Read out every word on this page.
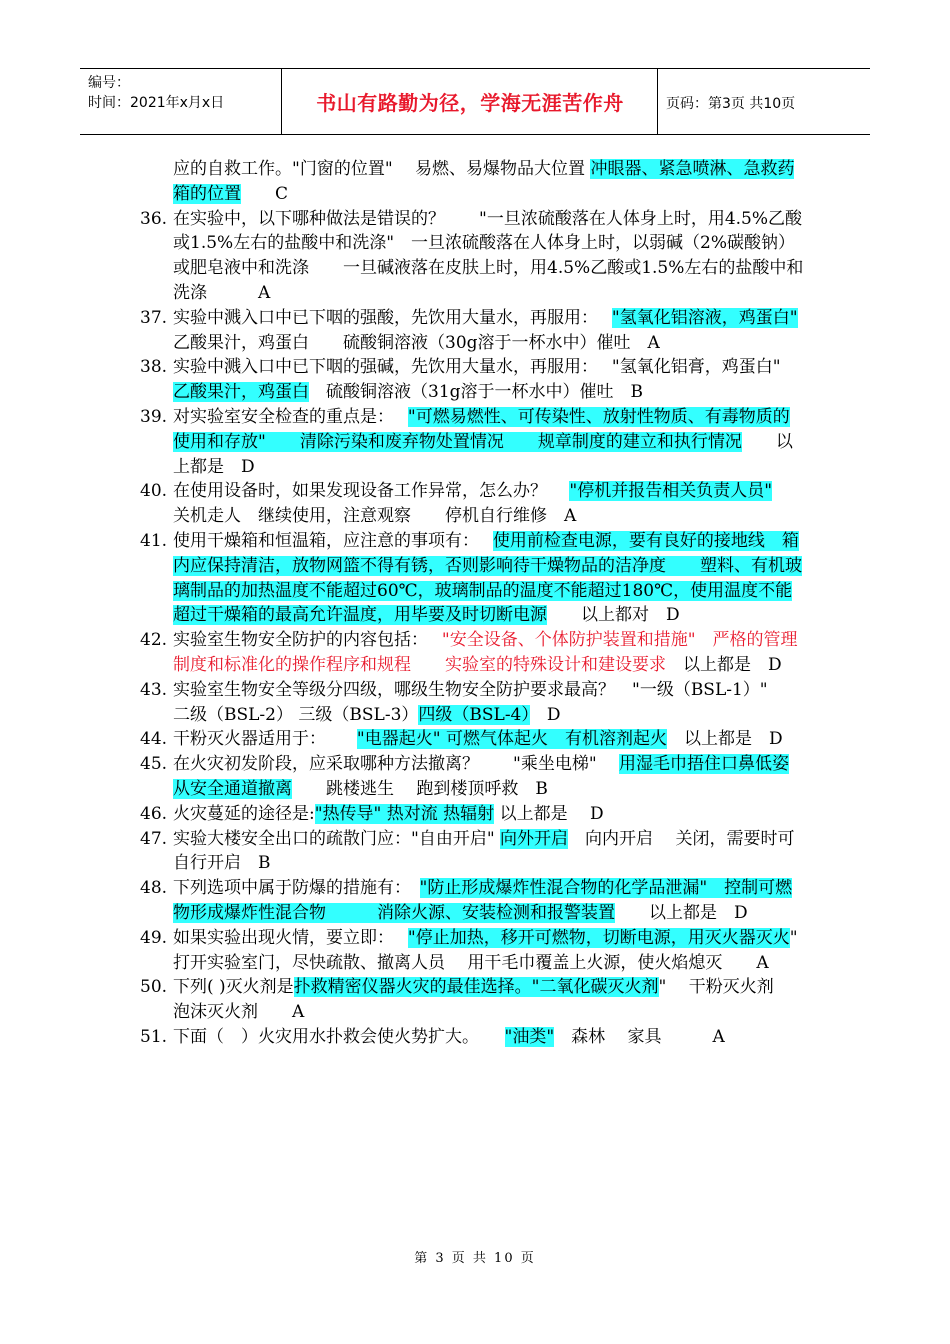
编号：
时间：2021年x月x日	书山有路勤为径，学海无涯苦作舟	页码：第3页 共10页
应的自救工作。"门窗的位置"　 易燃、易爆物品大位置 冲眼器、紧急喷淋、急救药箱的位置　　C
36. 在实验中，以下哪种做法是错误的？　　"一旦浓硫酸落在人体身上时，用4.5%乙酸或1.5%左右的盐酸中和洗涤"　一旦浓硫酸落在人体身上时，以弱碱（2%碳酸钠）或肥皂液中和洗涤　　一旦碱液落在皮肤上时，用4.5%乙酸或1.5%左右的盐酸中和洗涤　　　A
37. 实验中溅入口中已下咽的强酸，先饮用大量水，再服用：　 "氢氧化铝溶液，鸡蛋白"　 乙酸果汁，鸡蛋白　　硫酸铜溶液（30g溶于一杯水中）催吐　A
38. 实验中溅入口中已下咽的强碱，先饮用大量水，再服用：　 "氢氧化铝膏，鸡蛋白"　 乙酸果汁，鸡蛋白　硫酸铜溶液（31g溶于一杯水中）催吐　B
39. 对实验室安全检查的重点是：　 "可燃易燃性、可传染性、放射性物质、有毒物质的使用和存放"　　清除污染和废弃物处置情况　　规章制度的建立和执行情况　　以上都是　D
40. 在使用设备时，如果发现设备工作异常，怎么办？　 "停机并报告相关负责人员"　关机走人　继续使用，注意观察　　停机自行维修　A
41. 使用干燥箱和恒温箱，应注意的事项有：　 使用前检查电源，要有良好的接地线　箱内应保持清洁，放物网篮不得有锈，否则影响待干燥物品的洁净度　　塑料、有机玻璃制品的加热温度不能超过60℃，玻璃制品的温度不能超过180℃，使用温度不能超过干燥箱的最高允许温度，用毕要及时切断电源　　以上都对　D
42. 实验室生物安全防护的内容包括：　 "安全设备、个体防护装置和措施"　严格的管理制度和标准化的操作程序和规程　　实验室的特殊设计和建设要求　以上都是　D
43. 实验室生物安全等级分四级，哪级生物安全防护要求最高？　"一级（BSL-1）"　 二级（BSL-2） 三级（BSL-3）四级（BSL-4）　D
44. 干粉灭火器适用于：　　 "电器起火" 可燃气体起火　有机溶剂起火　以上都是　D
45. 在火灾初发阶段，应采取哪种方法撤离？　　"乘坐电梯"　 用湿毛巾捂住口鼻低姿从安全通道撤离　　跳楼逃生　 跑到楼顶呼救　B
46. 火灾蔓延的途径是:"热传导" 热对流 热辐射 以上都是　 D
47. 实验大楼安全出口的疏散门应："自由开启" 向外开启　向内开启　 关闭，需要时可自行开启　B
48. 下列选项中属于防爆的措施有：　"防止形成爆炸性混合物的化学品泄漏"　控制可燃物形成爆炸性混合物　　　消除火源、安装检测和报警装置　　以上都是　D
49. 如果实验出现火情，要立即：　 "停止加热，移开可燃物，切断电源，用灭火器灭火"　 打开实验室门，尽快疏散、撤离人员　 用干毛巾覆盖上火源，使火焰熄灭　　A
50. 下列( )灭火剂是扑救精密仪器火灾的最佳选择。"二氧化碳灭火剂"　 干粉灭火剂　　泡沫灭火剂　　A
51. 下面（　）火灾用水扑救会使火势扩大。　　"油类"　森林　 家具　　　A
第 3 页 共 10 页
